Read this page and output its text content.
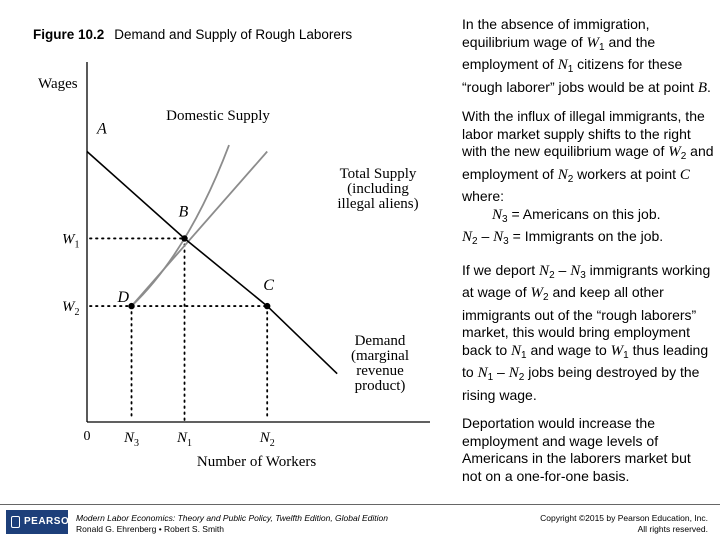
Figure 10.2 Demand and Supply of Rough Laborers
Wages
Number of Workers
0
$W_1$
$W_2$
$N_3$	$N_1$	$N_2$
Domestic Supply
Total Supply
(including
illegal aliens)
Demand
(marginal
revenue
product)
A
B
C
D

In the absence of immigration, equilibrium wage of $W_1$ and the employment of $N_1$ citizens for these “rough laborer” jobs would be at point B.

With the influx of illegal immigrants, the labor market supply shifts to the right with the new equilibrium wage of $W_2$ and employment of $N_2$ workers at point C where:
$N_3$ = Americans on this job.
$N_2 - N_3$ = Immigrants on the job.

If we deport $N_2 - N_3$ immigrants working at wage of $W_2$ and keep all other immigrants out of the “rough laborers” market, this would bring employment back to $N_1$ and wage to $W_1$ thus leading to $N_1 - N_2$ jobs being destroyed by the rising wage.

Deportation would increase the employment and wage levels of Americans in the laborers market but not on a one-for-one basis.

PEARSON Modern Labor Economics: Theory and Public Policy, Twelfth Edition, Global Edition
Ronald G. Ehrenberg • Robert S. Smith
Copyright ©2015 by Pearson Education, Inc.
All rights reserved.
